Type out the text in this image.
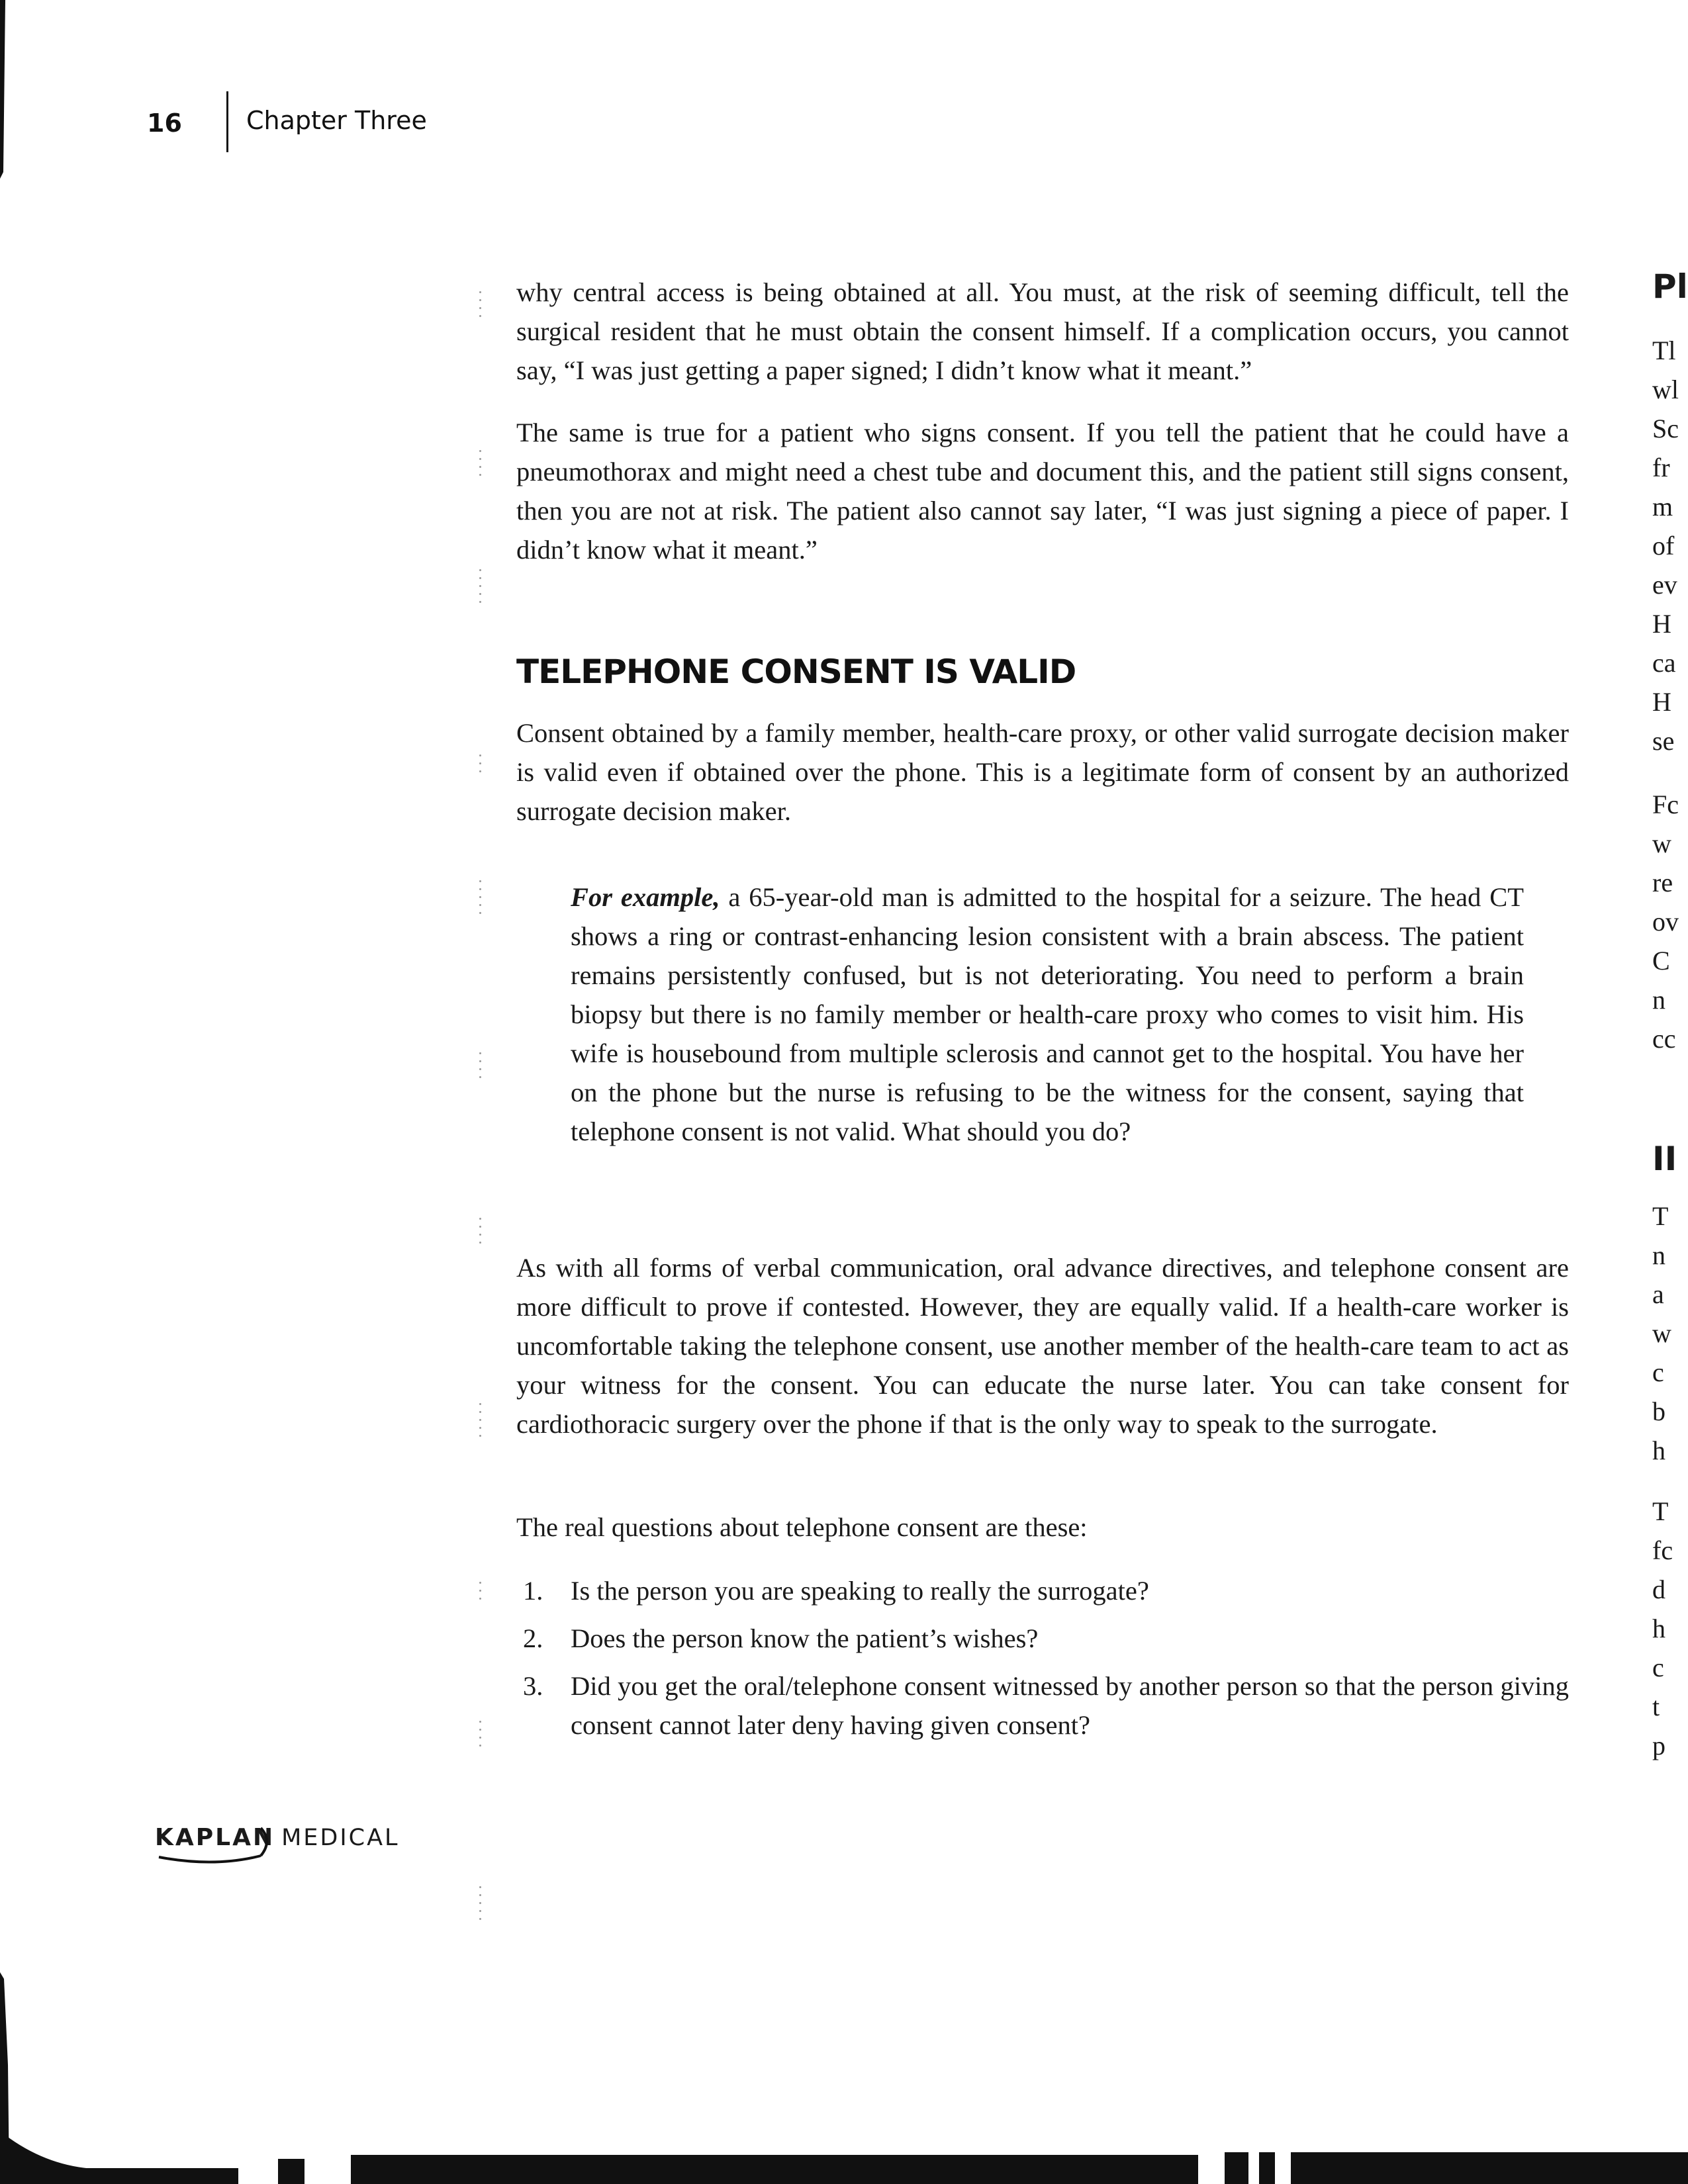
16	Chapter Three

why central access is being obtained at all. You must, at the risk of seeming difficult, tell the surgical resident that he must obtain the consent himself. If a complication occurs, you cannot say, “I was just getting a paper signed; I didn’t know what it meant.”

The same is true for a patient who signs consent. If you tell the patient that he could have a pneumothorax and might need a chest tube and document this, and the patient still signs consent, then you are not at risk. The patient also cannot say later, “I was just signing a piece of paper. I didn’t know what it meant.”

TELEPHONE CONSENT IS VALID

Consent obtained by a family member, health-care proxy, or other valid surrogate decision maker is valid even if obtained over the phone. This is a legitimate form of consent by an authorized surrogate decision maker.

For example, a 65-year-old man is admitted to the hospital for a seizure. The head CT shows a ring or contrast-enhancing lesion consistent with a brain abscess. The patient remains persistently confused, but is not deteriorating. You need to perform a brain biopsy but there is no family member or health-care proxy who comes to visit him. His wife is housebound from multiple sclerosis and cannot get to the hospital. You have her on the phone but the nurse is refusing to be the witness for the consent, saying that telephone consent is not valid. What should you do?

As with all forms of verbal communication, oral advance directives, and telephone consent are more difficult to prove if contested. However, they are equally valid. If a health-care worker is uncomfortable taking the telephone consent, use another member of the health-care team to act as your witness for the consent. You can educate the nurse later. You can take consent for cardiothoracic surgery over the phone if that is the only way to speak to the surrogate.

The real questions about telephone consent are these:

1. Is the person you are speaking to really the surrogate?
2. Does the person know the patient’s wishes?
3. Did you get the oral/telephone consent witnessed by another person so that the person giving consent cannot later deny having given consent?
KAPLAN MEDICAL
Pl
Tl
wl
Sc
fr
m
of
ev
H
ca
H
se
Fc
w
re
ov
C
n
cc
II
T
n
a
w
c
b
h
T
fc
d
h
c
t
p
